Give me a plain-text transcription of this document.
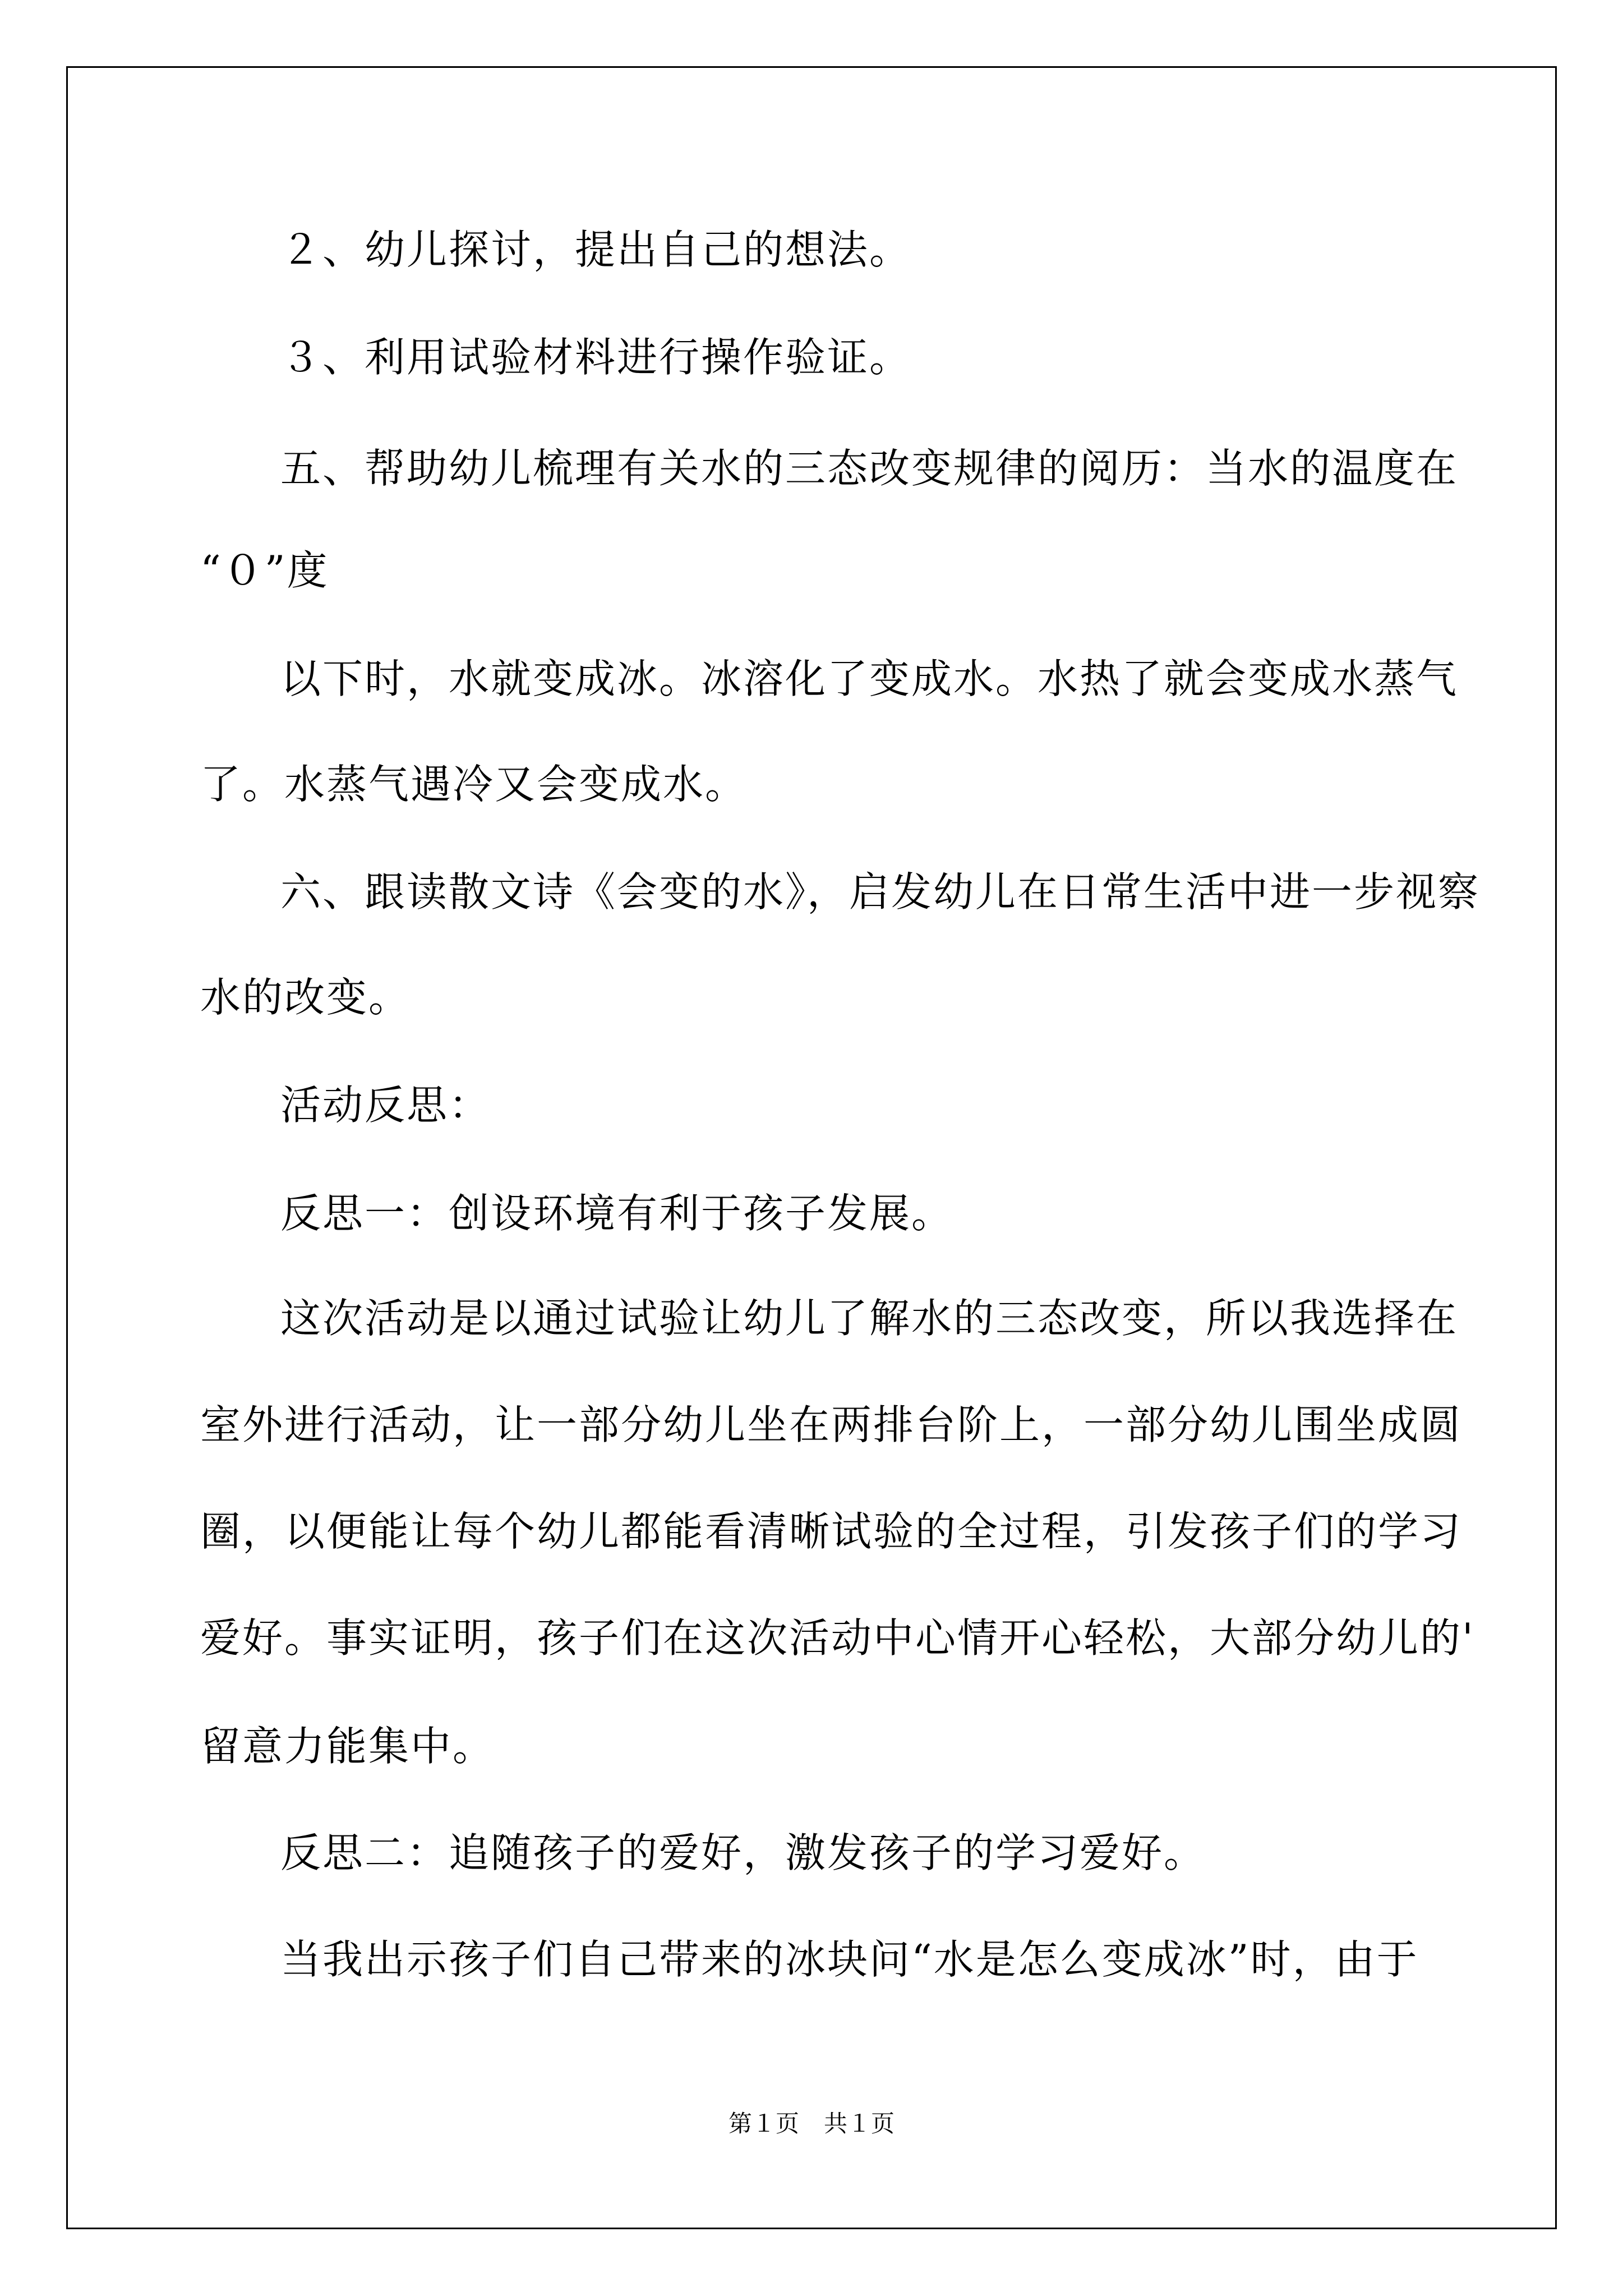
２、幼儿探讨，提出自己的想法。
３、利用试验材料进行操作验证。
五、帮助幼儿梳理有关水的三态改变规律的阅历：当水的温度在
“０”度
以下时，水就变成冰。冰溶化了变成水。水热了就会变成水蒸气
了。水蒸气遇冷又会变成水。
六、跟读散文诗《会变的水》，启发幼儿在日常生活中进一步视察
水的改变。
活动反思：
反思一：创设环境有利于孩子发展。
这次活动是以通过试验让幼儿了解水的三态改变，所以我选择在
室外进行活动，让一部分幼儿坐在两排台阶上，一部分幼儿围坐成圆
圈，以便能让每个幼儿都能看清晰试验的全过程，引发孩子们的学习
爱好。事实证明，孩子们在这次活动中心情开心轻松，大部分幼儿的'
留意力能集中。
反思二：追随孩子的爱好，激发孩子的学习爱好。
当我出示孩子们自己带来的冰块问“水是怎么变成冰”时，由于
第１页 共１页
